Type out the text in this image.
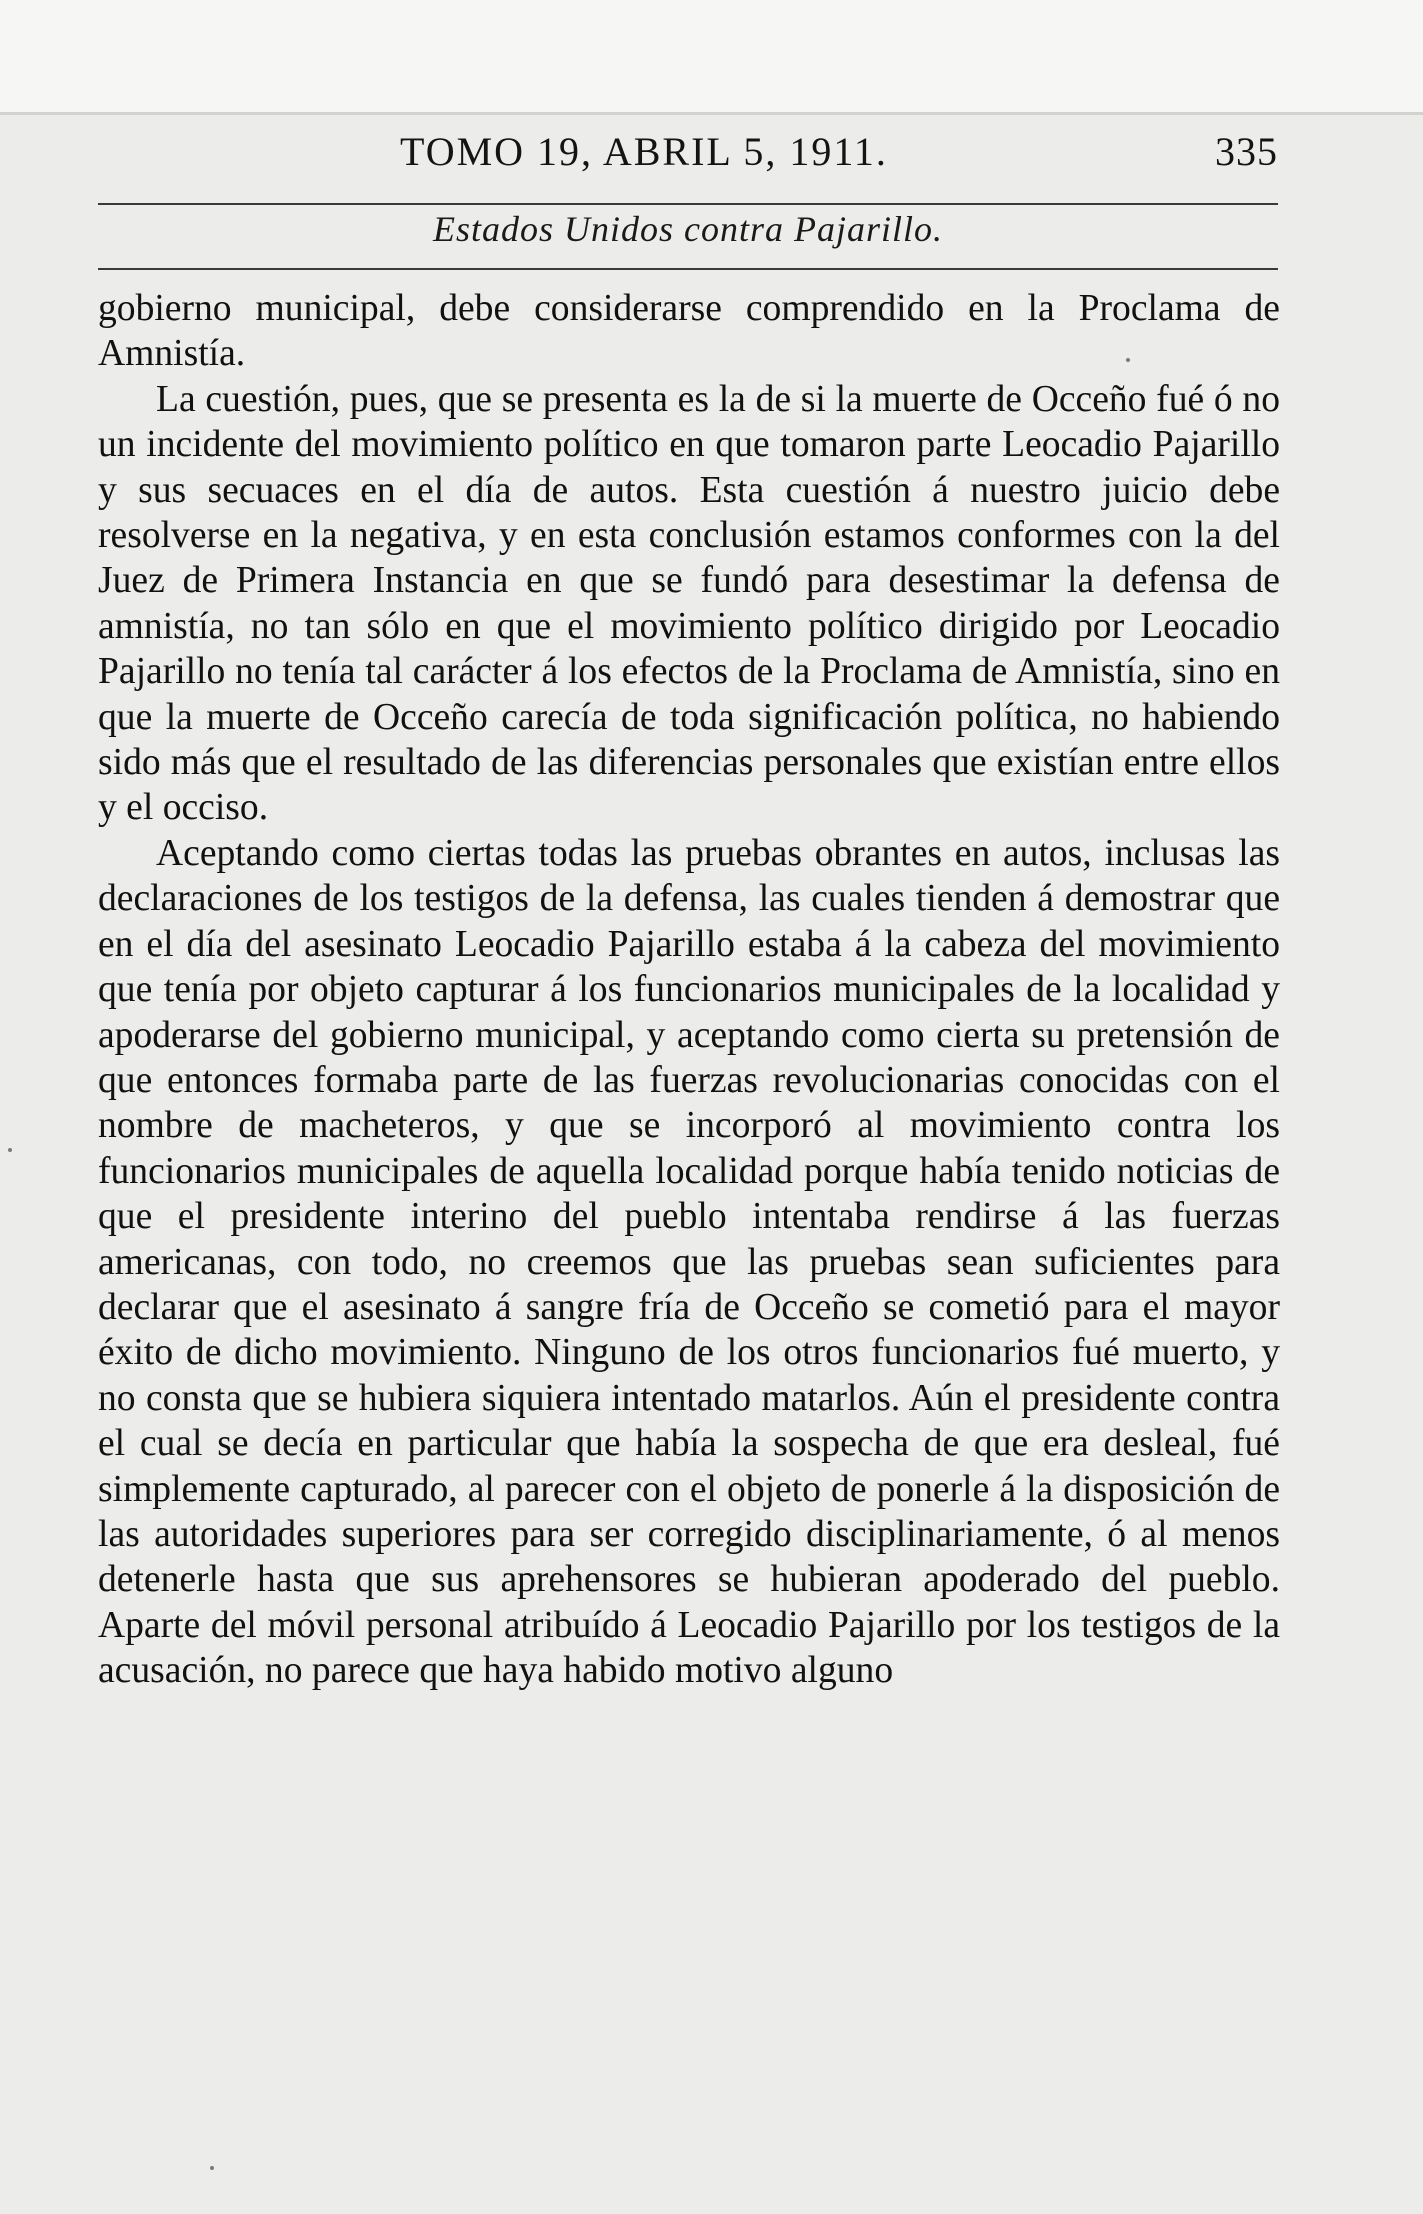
TOMO 19, ABRIL 5, 1911.	335
Estados Unidos contra Pajarillo.

gobierno municipal, debe considerarse comprendido en la Proclama de Amnistía.

La cuestión, pues, que se presenta es la de si la muerte de Occeño fué ó no un incidente del movimiento político en que tomaron parte Leocadio Pajarillo y sus secuaces en el día de autos. Esta cuestión á nuestro juicio debe resolverse en la negativa, y en esta conclusión estamos conformes con la del Juez de Primera Instancia en que se fundó para desestimar la defensa de amnistía, no tan sólo en que el movimiento político dirigido por Leocadio Pajarillo no tenía tal carácter á los efectos de la Proclama de Amnistía, sino en que la muerte de Occeño carecía de toda significación política, no habiendo sido más que el resultado de las diferencias personales que existían entre ellos y el occiso.

Aceptando como ciertas todas las pruebas obrantes en autos, inclusas las declaraciones de los testigos de la defensa, las cuales tienden á demostrar que en el día del asesinato Leocadio Pajarillo estaba á la cabeza del movimiento que tenía por objeto capturar á los funcionarios municipales de la localidad y apoderarse del gobierno municipal, y aceptando como cierta su pretensión de que entonces formaba parte de las fuerzas revolucionarias conocidas con el nombre de macheteros, y que se incorporó al movimiento contra los funcionarios municipales de aquella localidad porque había tenido noticias de que el presidente interino del pueblo intentaba rendirse á las fuerzas americanas, con todo, no creemos que las pruebas sean suficientes para declarar que el asesinato á sangre fría de Occeño se cometió para el mayor éxito de dicho movimiento. Ninguno de los otros funcionarios fué muerto, y no consta que se hubiera siquiera intentado matarlos. Aún el presidente contra el cual se decía en particular que había la sospecha de que era desleal, fué simplemente capturado, al parecer con el objeto de ponerle á la disposición de las autoridades superiores para ser corregido disciplinariamente, ó al menos detenerle hasta que sus aprehensores se hubieran apoderado del pueblo. Aparte del móvil personal atribuído á Leocadio Pajarillo por los testigos de la acusación, no parece que haya habido motivo alguno
